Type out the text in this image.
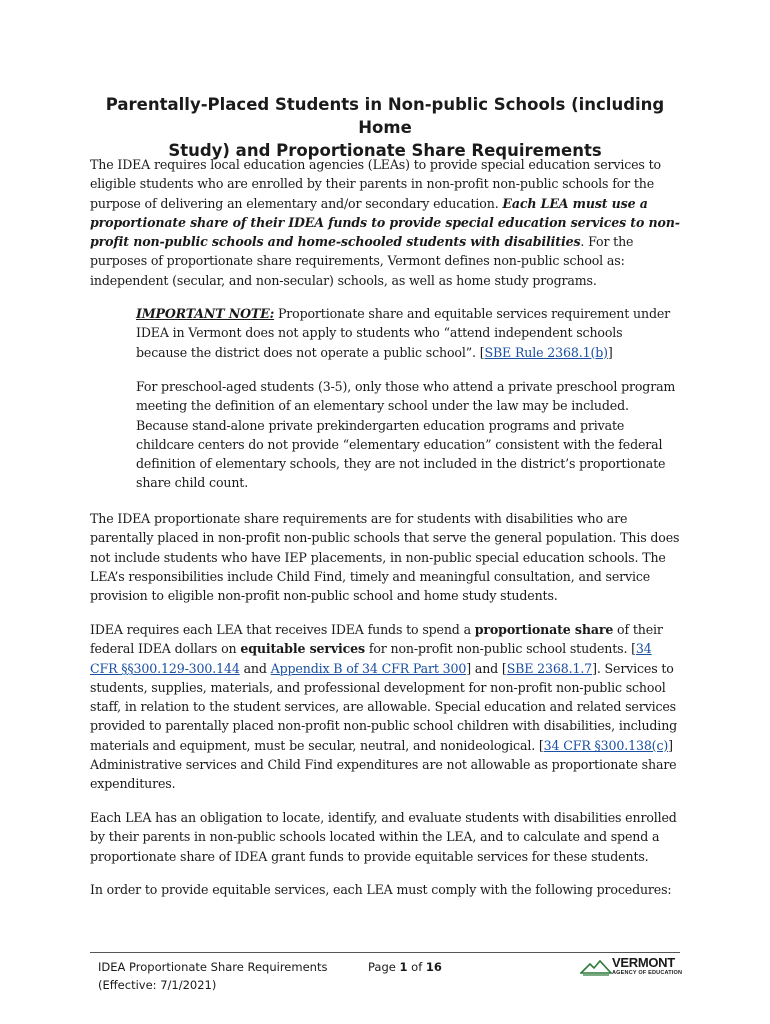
Parentally-Placed Students in Non-public Schools (including Home
Study) and Proportionate Share Requirements

The IDEA requires local education agencies (LEAs) to provide special education services to eligible students who are enrolled by their parents in non-profit non-public schools for the purpose of delivering an elementary and/or secondary education. Each LEA must use a proportionate share of their IDEA funds to provide special education services to non-profit non-public schools and home-schooled students with disabilities. For the purposes of proportionate share requirements, Vermont defines non-public school as: independent (secular, and non-secular) schools, as well as home study programs.

IMPORTANT NOTE: Proportionate share and equitable services requirement under IDEA in Vermont does not apply to students who “attend independent schools because the district does not operate a public school”. [SBE Rule 2368.1(b)]

For preschool-aged students (3-5), only those who attend a private preschool program meeting the definition of an elementary school under the law may be included. Because stand-alone private prekindergarten education programs and private childcare centers do not provide “elementary education” consistent with the federal definition of elementary schools, they are not included in the district’s proportionate share child count.

The IDEA proportionate share requirements are for students with disabilities who are parentally placed in non-profit non-public schools that serve the general population. This does not include students who have IEP placements, in non-public special education schools. The LEA’s responsibilities include Child Find, timely and meaningful consultation, and service provision to eligible non-profit non-public school and home study students.

IDEA requires each LEA that receives IDEA funds to spend a proportionate share of their federal IDEA dollars on equitable services for non-profit non-public school students. [34 CFR §§300.129-300.144 and Appendix B of 34 CFR Part 300] and [SBE 2368.1.7]. Services to students, supplies, materials, and professional development for non-profit non-public school staff, in relation to the student services, are allowable. Special education and related services provided to parentally placed non-profit non-public school children with disabilities, including materials and equipment, must be secular, neutral, and nonideological. [34 CFR §300.138(c)] Administrative services and Child Find expenditures are not allowable as proportionate share expenditures.

Each LEA has an obligation to locate, identify, and evaluate students with disabilities enrolled by their parents in non-public schools located within the LEA, and to calculate and spend a proportionate share of IDEA grant funds to provide equitable services for these students.

In order to provide equitable services, each LEA must comply with the following procedures:

IDEA Proportionate Share Requirements
(Effective: 7/1/2021)
Page 1 of 16	VERMONT
AGENCY OF EDUCATION
